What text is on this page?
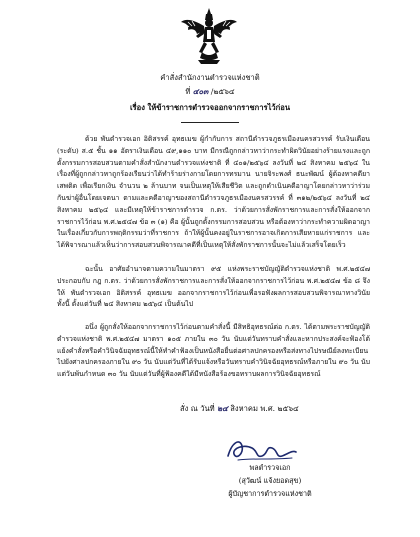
คำสั่งสำนักงานตำรวจแห่งชาติ
ที่ ๔๐๓ /๒๕๖๔
เรื่อง ให้ข้าราชการตำรวจออกจากราชการไว้ก่อน

ด้วย พันตำรวจเอก อิติสรรค์ อุทธเมฆ ผู้กำกับการ สถานีตำรวจภูธรเมืองนครสวรรค์ รับเงินเดือน (ระดับ) ส.๕ ชั้น ๑๑ อัตราเงินเดือน ๔๙,๑๑๐ บาท มีกรณีถูกกล่าวหาว่ากระทำผิดวินัยอย่างร้ายแรงและถูกตั้งกรรมการสอบสวนตามคำสั่งสำนักงานตำรวจแห่งชาติ ที่ ๔๐๑/๒๕๖๔ ลงวันที่ ๒๔ สิงหาคม ๒๕๖๔ ในเรื่องที่ผู้ถูกกล่าวหาถูกร้องเรียนว่าได้ทำร้ายร่างกายโดยการทรมาน นายจิระพงศ์ ธนะพัฒน์ ผู้ต้องหาคดียาเสพติด เพื่อเรียกเงิน จำนวน ๒ ล้านบาท จนเป็นเหตุให้เสียชีวิต และถูกดำเนินคดีอาญาโดยกล่าวหาว่าร่วมกันฆ่าผู้อื่นโดยเจตนา ตามและคดีอาญาของสถานีตำรวจภูธรเมืองนครสวรรค์ ที่ ๓๑๒/๒๕๖๔ ลงวันที่ ๒๔ สิงหาคม ๒๕๖๔ และมีเหตุให้ข้าราชการตำรวจ ก.ตร. ว่าด้วยการสั่งพักราชการและการสั่งให้ออกจากราชการไว้ก่อน พ.ศ.๒๕๔๗ ข้อ ๓ (๑) คือ ผู้นั้นถูกตั้งกรรมการสอบสวน หรือต้องหาว่ากระทำความผิดอาญาในเรื่องเกี่ยวกับการพฤติกรรมว่าที่ราชการ ถ้าให้ผู้นั้นคงอยู่ในราชการอาจเกิดการเสียหายแก่ราชการ และได้พิจารณาแล้วเห็นว่าการสอบสวนพิจารณาคดีที่เป็นเหตุให้สั่งพักราชการนั้นจะไม่แล้วเสร็จโดยเร็ว

ฉะนั้น อาศัยอำนาจตามความในมาตรา ๙๕ แห่งพระราชบัญญัติตำรวจแห่งชาติ พ.ศ.๒๕๔๗ ประกอบกับ กฎ ก.ตร. ว่าด้วยการสั่งพักราชการและการสั่งให้ออกจากราชการไว้ก่อน พ.ศ.๒๕๔๗ ข้อ ๘ จึงให้ พันตำรวจเอก อิติสรรค์ อุทธเมฆ ออกจากราชการไว้ก่อนเพื่อรอฟังผลการสอบสวนพิจารณาทางวินัย ทั้งนี้ ตั้งแต่วันที่ ๒๔ สิงหาคม ๒๕๖๔ เป็นต้นไป

อนึ่ง ผู้ถูกสั่งให้ออกจากราชการไว้ก่อนตามคำสั่งนี้ มีสิทธิอุทธรณ์ต่อ ก.ตร. ได้ตามพระราชบัญญัติตำรวจแห่งชาติ พ.ศ.๒๕๔๗ มาตรา ๑๐๕ ภายใน ๓๐ วัน นับแต่วันทราบคำสั่งและหากประสงค์จะฟ้องโต้แย้งคำสั่งหรือคำวินิจฉัยอุทธรณ์นี้ให้ทำคำฟ้องเป็นหนังสือยื่นต่อศาลปกครองหรือส่งทางไปรษณีย์ลงทะเบียนไปยังศาลปกครองภายใน ๙๐ วัน นับแต่วันที่ได้รับแจ้งหรือวันทราบคำวินิจฉัยอุทธรณ์หรือภายใน ๙๐ วัน นับแต่วันพ้นกำหนด ๓๐ วัน นับแต่วันที่ผู้ฟ้องคดีได้มีหนังสือร้องขอทราบผลการวินิจฉัยอุทธรณ์

สั่ง ณ วันที่ ๒๔ สิงหาคม พ.ศ. ๒๕๖๔
พลตำรวจเอก
(สุวัฒน์ แจ้งยอดสุข)
ผู้บัญชาการตำรวจแห่งชาติ
